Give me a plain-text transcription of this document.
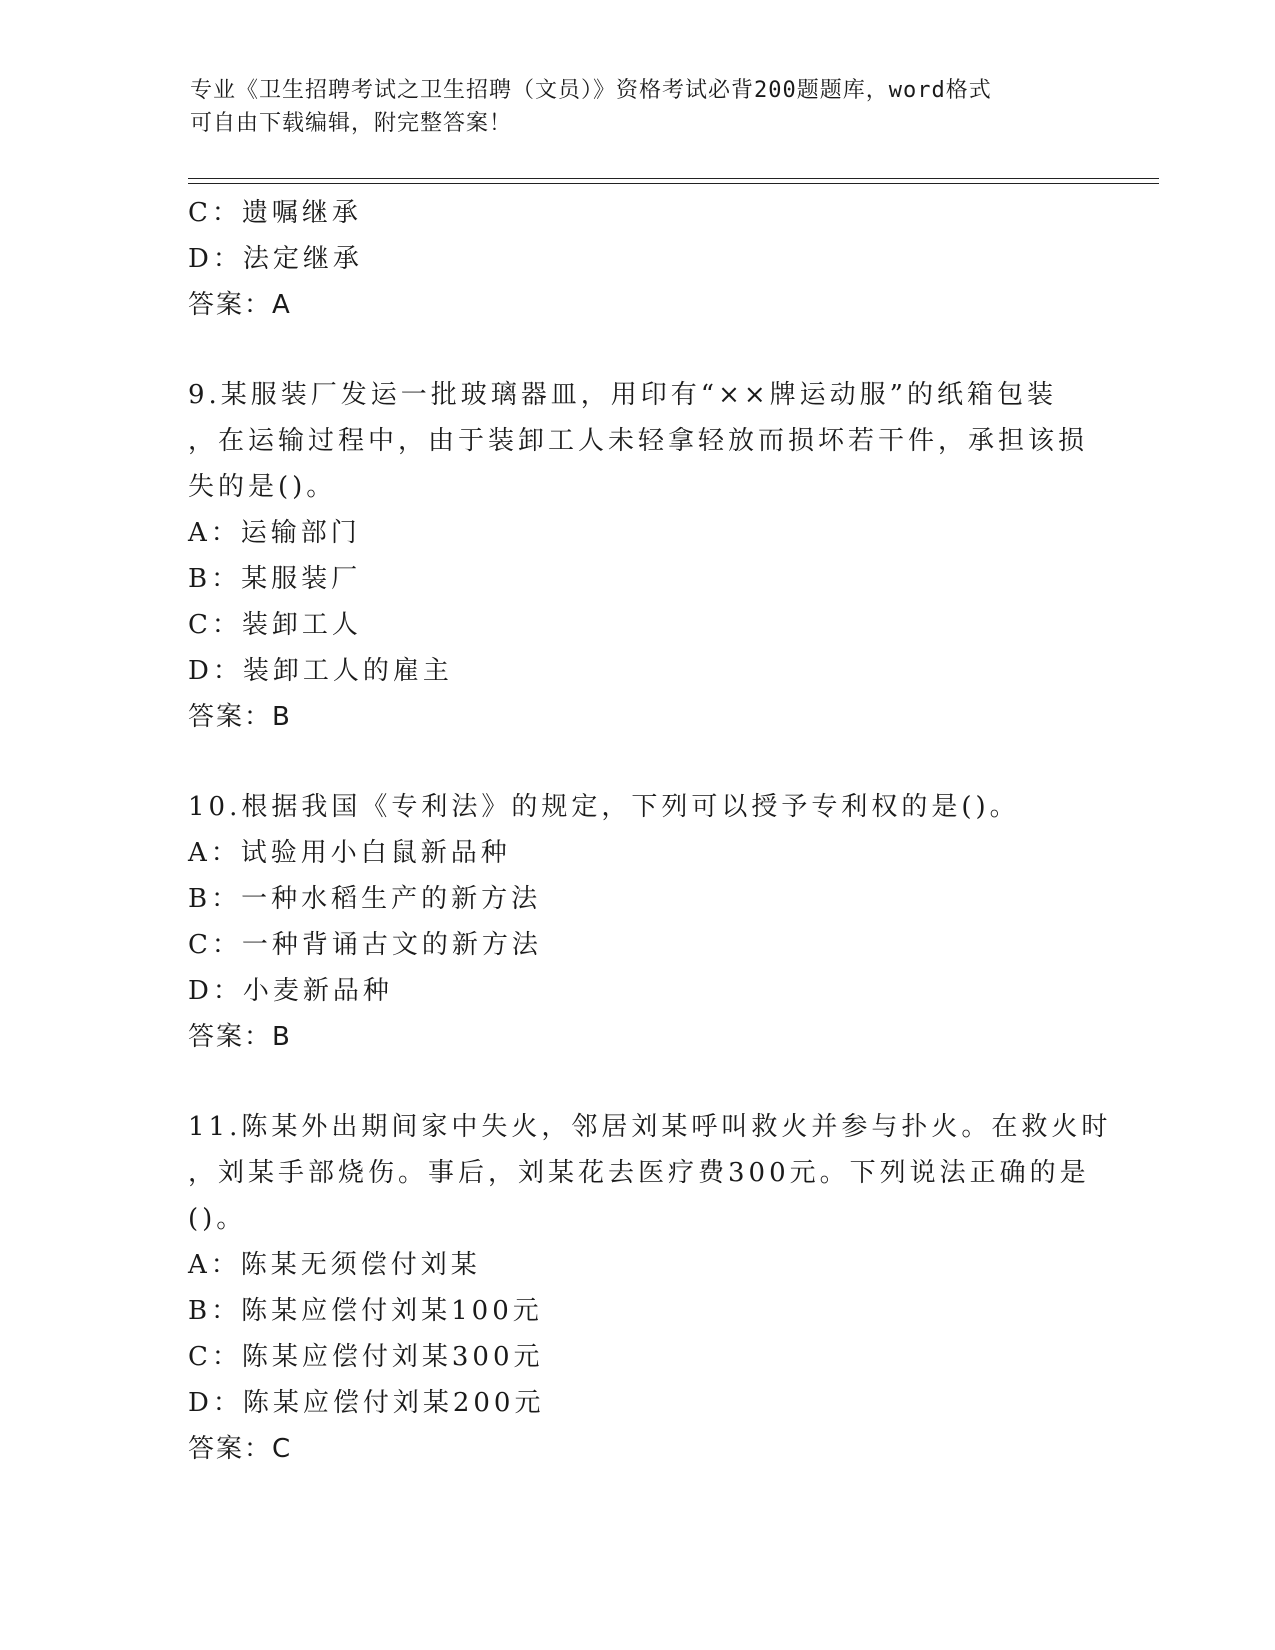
专业《卫生招聘考试之卫生招聘（文员）》资格考试必背200题题库，word格式
可自由下载编辑，附完整答案！
C：遗嘱继承
D：法定继承
答案：A
9.某服装厂发运一批玻璃器皿，用印有“××牌运动服”的纸箱包装
，在运输过程中，由于装卸工人未轻拿轻放而损坏若干件，承担该损
失的是()。
A：运输部门
B：某服装厂
C：装卸工人
D：装卸工人的雇主
答案：B
10.根据我国《专利法》的规定，下列可以授予专利权的是()。
A：试验用小白鼠新品种
B：一种水稻生产的新方法
C：一种背诵古文的新方法
D：小麦新品种
答案：B
11.陈某外出期间家中失火，邻居刘某呼叫救火并参与扑火。在救火时
，刘某手部烧伤。事后，刘某花去医疗费300元。下列说法正确的是
()。
A：陈某无须偿付刘某
B：陈某应偿付刘某100元
C：陈某应偿付刘某300元
D：陈某应偿付刘某200元
答案：C
